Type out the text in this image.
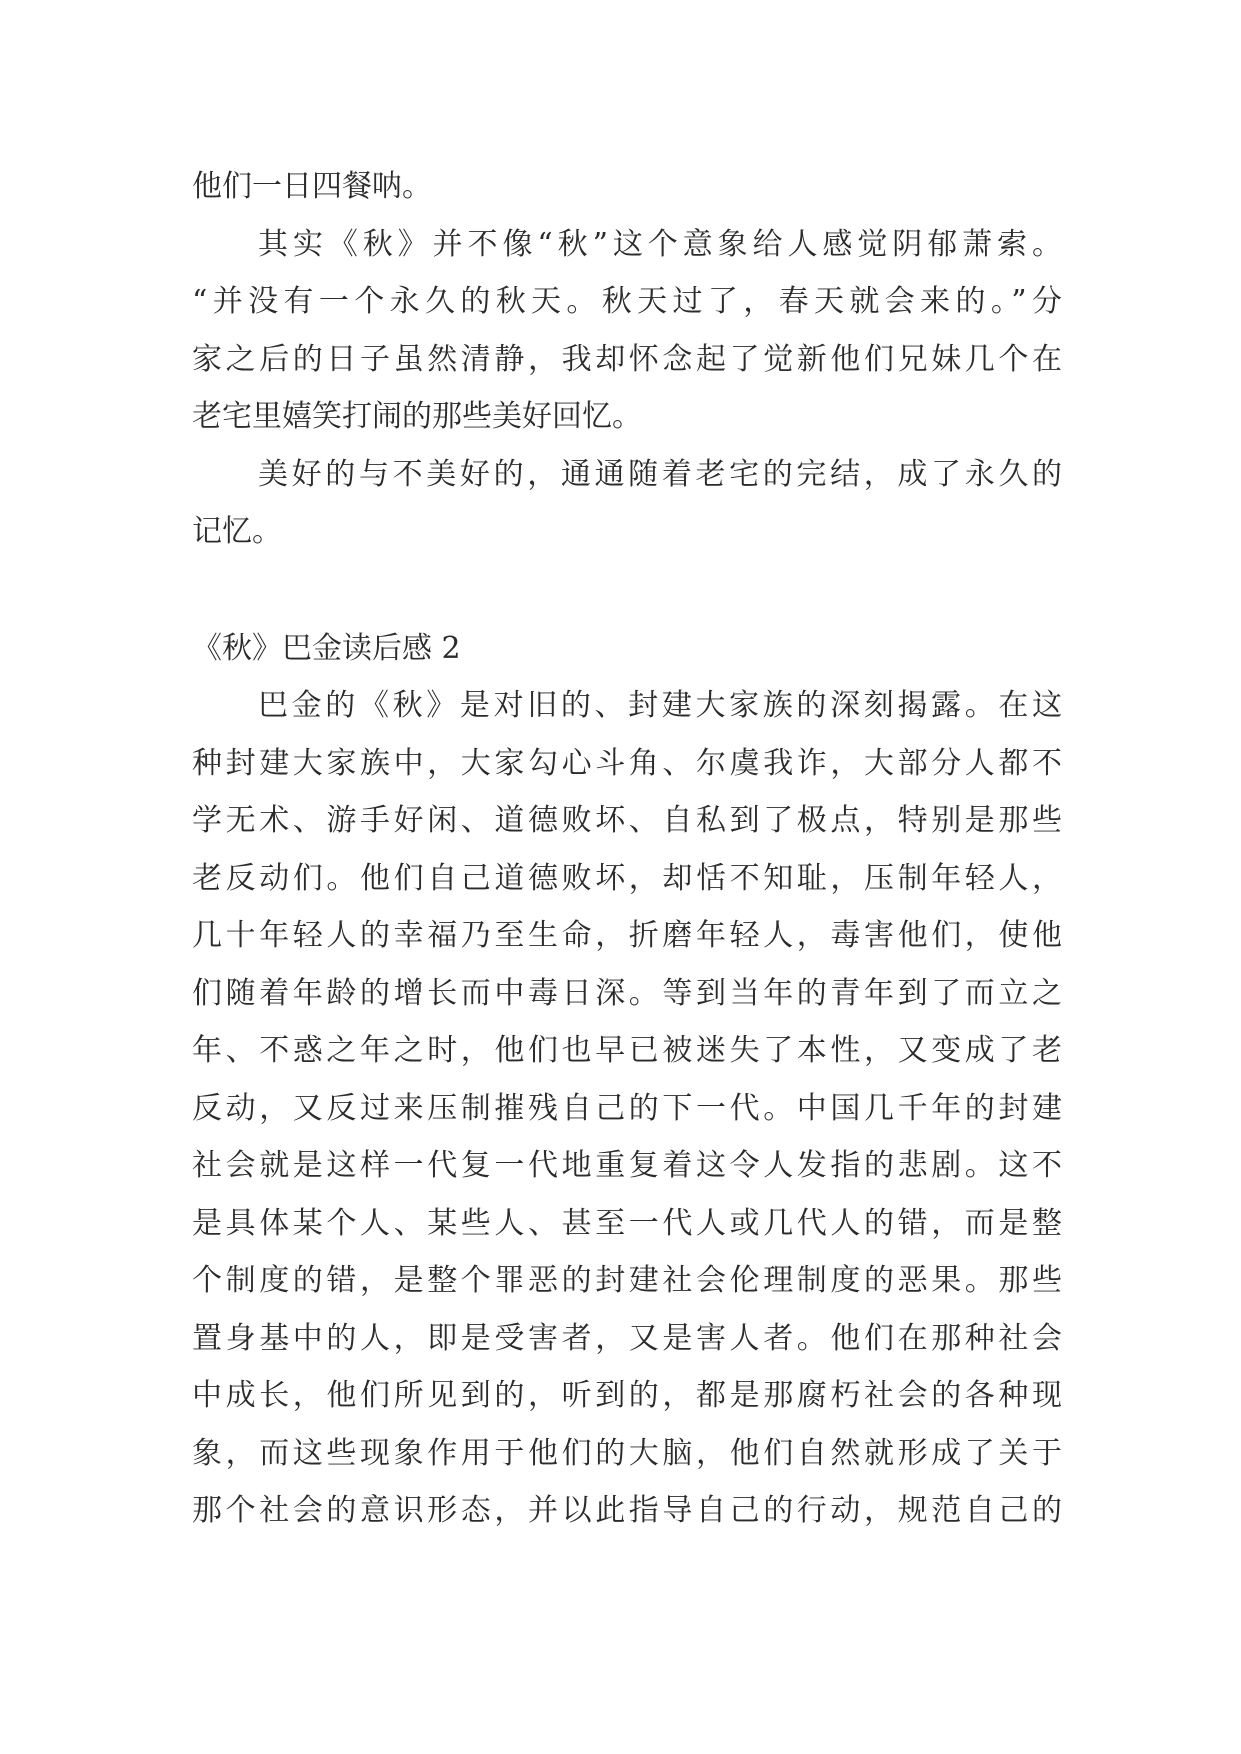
他们一日四餐呐。
其实《秋》并不像“秋”这个意象给人感觉阴郁萧索。
“并没有一个永久的秋天。秋天过了，春天就会来的。”分
家之后的日子虽然清静，我却怀念起了觉新他们兄妹几个在
老宅里嬉笑打闹的那些美好回忆。
美好的与不美好的，通通随着老宅的完结，成了永久的
记忆。
《秋》巴金读后感 2
巴金的《秋》是对旧的、封建大家族的深刻揭露。在这
种封建大家族中，大家勾心斗角、尔虞我诈，大部分人都不
学无术、游手好闲、道德败坏、自私到了极点，特别是那些
老反动们。他们自己道德败坏，却恬不知耻，压制年轻人，
几十年轻人的幸福乃至生命，折磨年轻人，毒害他们，使他
们随着年龄的增长而中毒日深。等到当年的青年到了而立之
年、不惑之年之时，他们也早已被迷失了本性，又变成了老
反动，又反过来压制摧残自己的下一代。中国几千年的封建
社会就是这样一代复一代地重复着这令人发指的悲剧。这不
是具体某个人、某些人、甚至一代人或几代人的错，而是整
个制度的错，是整个罪恶的封建社会伦理制度的恶果。那些
置身基中的人，即是受害者，又是害人者。他们在那种社会
中成长，他们所见到的，听到的，都是那腐朽社会的各种现
象，而这些现象作用于他们的大脑，他们自然就形成了关于
那个社会的意识形态，并以此指导自己的行动，规范自己的
